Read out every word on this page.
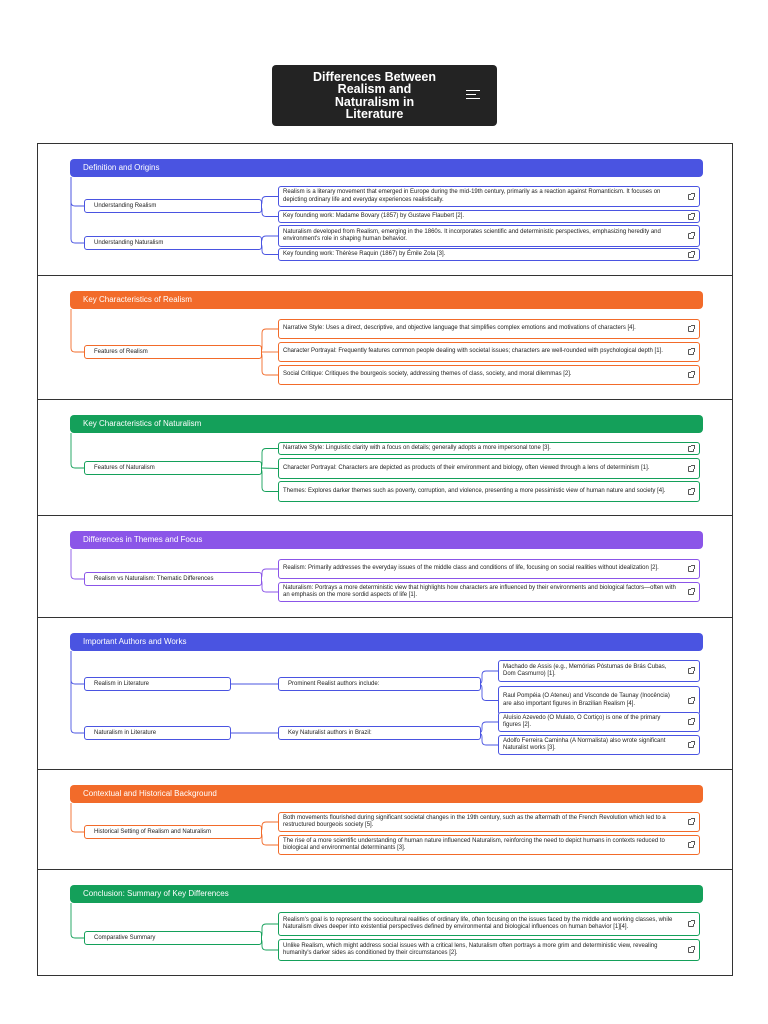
Differences Between
Realism and
Naturalism in
Literature
Definition and Origins
Understanding Realism
Realism is a literary movement that emerged in Europe during the mid-19th century, primarily as a reaction against Romanticism. It focuses on depicting ordinary life and everyday experiences realistically.
Key founding work: Madame Bovary (1857) by Gustave Flaubert [2].
Understanding Naturalism
Naturalism developed from Realism, emerging in the 1860s. It incorporates scientific and deterministic perspectives, emphasizing heredity and environment's role in shaping human behavior.
Key founding work: Thérèse Raquin (1867) by Émile Zola [3].
Key Characteristics of Realism
Features of Realism
Narrative Style: Uses a direct, descriptive, and objective language that simplifies complex emotions and motivations of characters [4].
Character Portrayal: Frequently features common people dealing with societal issues; characters are well-rounded with psychological depth [1].
Social Critique: Critiques the bourgeois society, addressing themes of class, society, and moral dilemmas [2].
Key Characteristics of Naturalism
Features of Naturalism
Narrative Style: Linguistic clarity with a focus on details; generally adopts a more impersonal tone [3].
Character Portrayal: Characters are depicted as products of their environment and biology, often viewed through a lens of determinism [1].
Themes: Explores darker themes such as poverty, corruption, and violence, presenting a more pessimistic view of human nature and society [4].
Differences in Themes and Focus
Realism vs Naturalism: Thematic Differences
Realism: Primarily addresses the everyday issues of the middle class and conditions of life, focusing on social realities without idealization [2].
Naturalism: Portrays a more deterministic view that highlights how characters are influenced by their environments and biological factors—often with an emphasis on the more sordid aspects of life [1].
Important Authors and Works
Realism in Literature	Prominent Realist authors include:
Machado de Assis (e.g., Memórias Póstumas de Brás Cubas, Dom Casmurro) [1].
Raul Pompéia (O Ateneu) and Visconde de Taunay (Inocência) are also important figures in Brazilian Realism [4].
Naturalism in Literature	Key Naturalist authors in Brazil:
Aluísio Azevedo (O Mulato, O Cortiço) is one of the primary figures [2].
Adolfo Ferreira Caminha (A Normalista) also wrote significant Naturalist works [3].
Contextual and Historical Background
Historical Setting of Realism and Naturalism
Both movements flourished during significant societal changes in the 19th century, such as the aftermath of the French Revolution which led to a restructured bourgeois society [5].
The rise of a more scientific understanding of human nature influenced Naturalism, reinforcing the need to depict humans in contexts reduced to biological and environmental determinants [3].
Conclusion: Summary of Key Differences
Comparative Summary
Realism's goal is to represent the sociocultural realities of ordinary life, often focusing on the issues faced by the middle and working classes, while Naturalism dives deeper into existential perspectives defined by environmental and biological influences on human behavior [1][4].
Unlike Realism, which might address social issues with a critical lens, Naturalism often portrays a more grim and deterministic view, revealing humanity's darker sides as conditioned by their circumstances [2].
